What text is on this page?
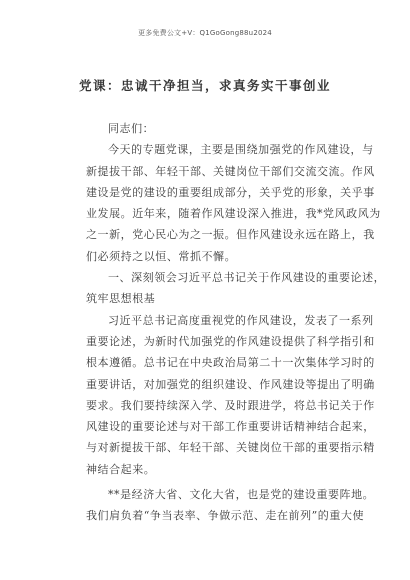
更多免费公文+V：Q1GoGong88u2024
党课：忠诚干净担当，求真务实干事创业
同志们：
今天的专题党课，主要是围绕加强党的作风建设，与
新提拔干部、年轻干部、关键岗位干部们交流交流。作风
建设是党的建设的重要组成部分，关乎党的形象，关乎事
业发展。近年来，随着作风建设深入推进，我*党风政风为
之一新，党心民心为之一振。但作风建设永远在路上，我
们必须持之以恒、常抓不懈。
一、深刻领会习近平总书记关于作风建设的重要论述，
筑牢思想根基
习近平总书记高度重视党的作风建设，发表了一系列
重要论述，为新时代加强党的作风建设提供了科学指引和
根本遵循。总书记在中央政治局第二十一次集体学习时的
重要讲话，对加强党的组织建设、作风建设等提出了明确
要求。我们要持续深入学、及时跟进学，将总书记关于作
风建设的重要论述与对干部工作重要讲话精神结合起来，
与对新提拔干部、年轻干部、关键岗位干部的重要指示精
神结合起来。
**是经济大省、文化大省，也是党的建设重要阵地。
我们肩负着“争当表率、争做示范、走在前列”的重大使
